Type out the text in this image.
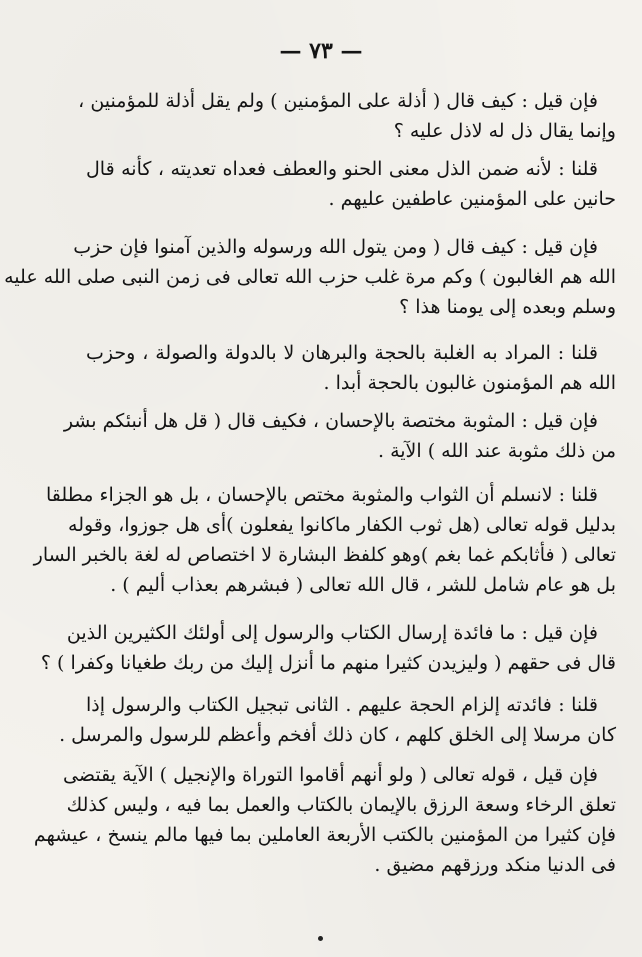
— ٧٣ —
فإن قيل : كيف قال ( أذلة على المؤمنين ) ولم يقل أذلة للمؤمنين ،
وإنما يقال ذل له لاذل عليه ؟
قلنا : لأنه ضمن الذل معنى الحنو والعطف فعداه تعديته ، كأنه قال
حانين على المؤمنين عاطفين عليهم .
فإن قيل : كيف قال ( ومن يتول الله ورسوله والذين آمنوا فإن حزب
الله هم الغالبون ) وكم مرة غلب حزب الله تعالى فى زمن النبى صلى الله عليه
وسلم وبعده إلى يومنا هذا ؟
قلنا : المراد به الغلبة بالحجة والبرهان لا بالدولة والصولة ، وحزب
الله هم المؤمنون غالبون بالحجة أبدا .
فإن قيل : المثوبة مختصة بالإحسان ، فكيف قال ( قل هل أنبئكم بشر
من ذلك مثوبة عند الله ) الآية .
قلنا : لانسلم أن الثواب والمثوبة مختص بالإحسان ، بل هو الجزاء مطلقا
بدليل قوله تعالى (هل ثوب الكفار ماكانوا يفعلون )أى هل جوزوا، وقوله
تعالى ( فأثابكم غما بغم )وهو كلفظ البشارة لا اختصاص له لغة بالخبر السار
بل هو عام شامل للشر ، قال الله تعالى ( فبشرهم بعذاب أليم ) .
فإن قيل : ما فائدة إرسال الكتاب والرسول إلى أولئك الكثيرين الذين
قال فى حقهم ( وليزيدن كثيرا منهم ما أنزل إليك من ربك طغيانا وكفرا ) ؟
قلنا : فائدته إلزام الحجة عليهم . الثانى تبجيل الكتاب والرسول إذا
كان مرسلا إلى الخلق كلهم ، كان ذلك أفخم وأعظم للرسول والمرسل .
فإن قيل ، قوله تعالى ( ولو أنهم أقاموا التوراة والإنجيل ) الآية يقتضى
تعلق الرخاء وسعة الرزق بالإيمان بالكتاب والعمل بما فيه ، وليس كذلك
فإن كثيرا من المؤمنين بالكتب الأربعة العاملين بما فيها مالم ينسخ ، عيشهم
فى الدنيا منكد ورزقهم مضيق .
